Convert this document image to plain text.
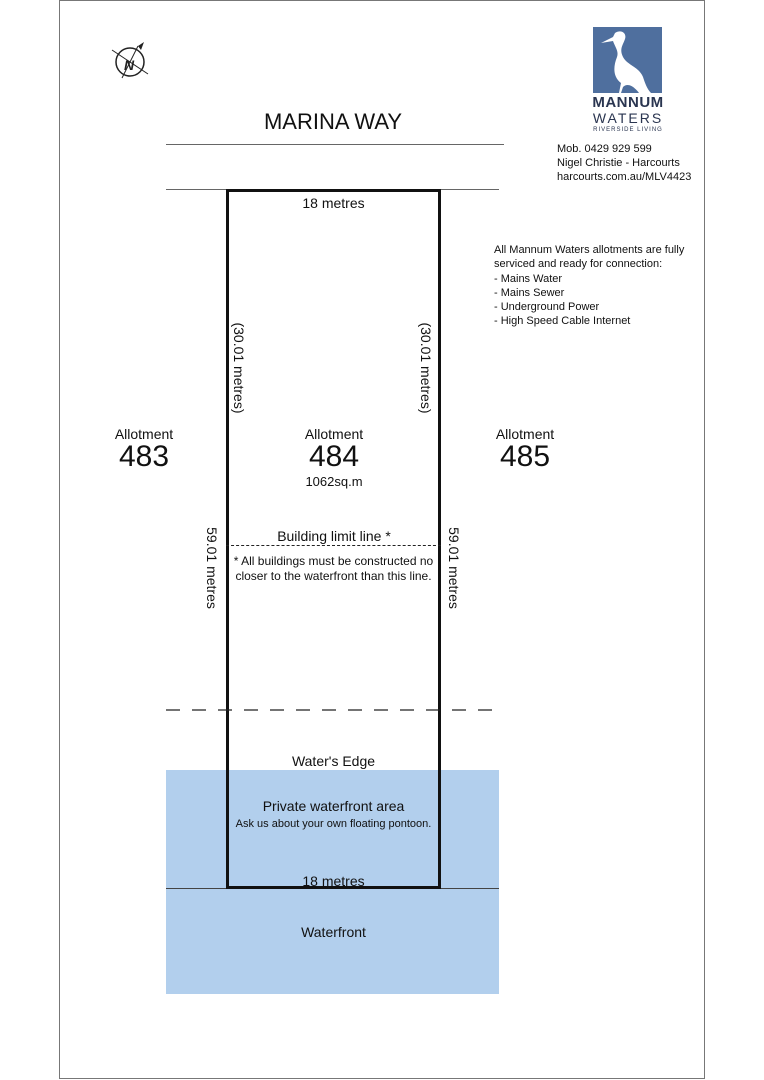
N
MANNUM
WATERS
RIVERSIDE LIVING
Mob. 0429 929 599
Nigel Christie - Harcourts
harcourts.com.au/MLV4423
All Mannum Waters allotments are fully
serviced and ready for connection:
- Mains Water
- Mains Sewer
- Underground Power
- High Speed Cable Internet
MARINA WAY
18 metres
18 metres
(30.01 metres)	(30.01 metres)
59.01 metres	59.01 metres
Allotment
483
Allotment
484
1062sq.m
Allotment
485
Building limit line *
* All buildings must be constructed no
closer to the waterfront than this line.
Water's Edge
Private waterfront area
Ask us about your own floating pontoon.
Waterfront
